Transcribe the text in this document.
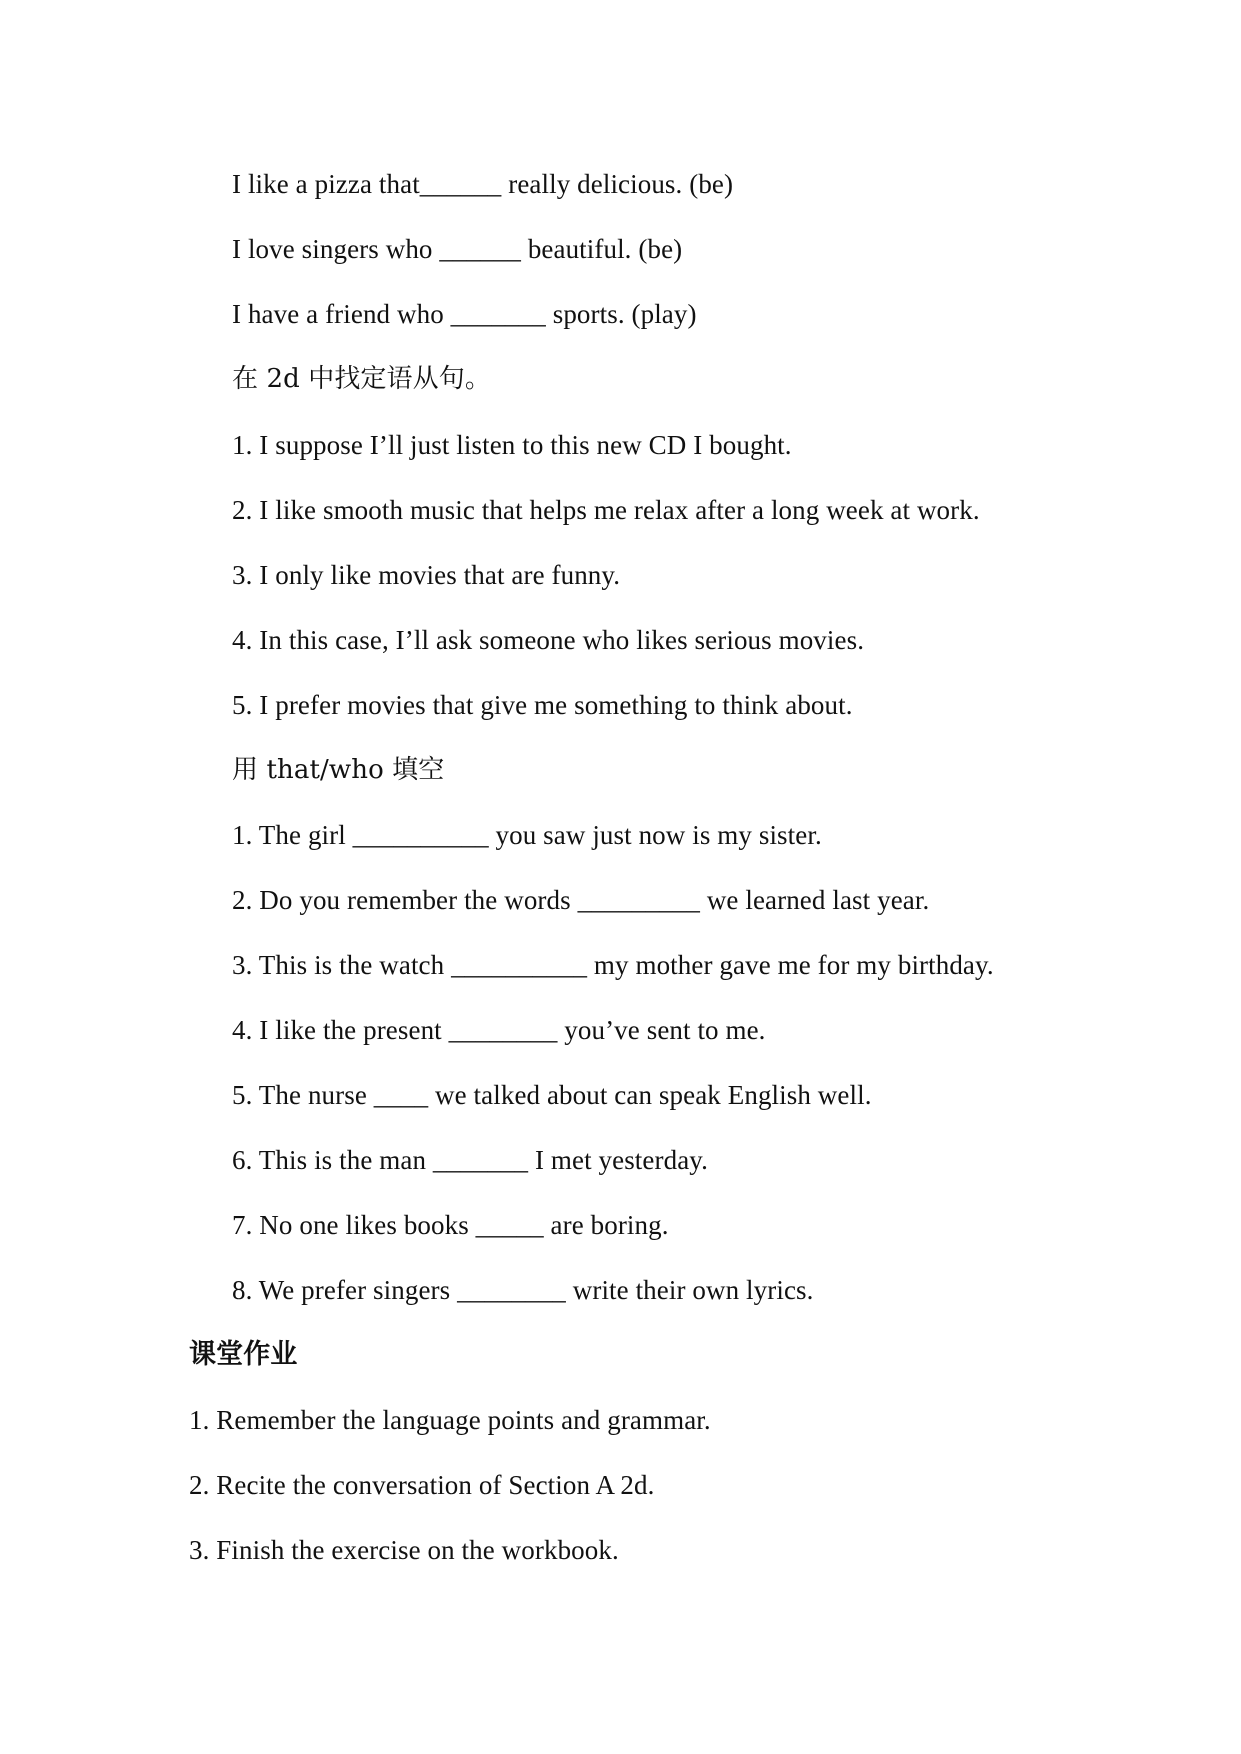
I like a pizza that______ really delicious. (be)
I love singers who ______ beautiful. (be)
I have a friend who _______ sports. (play)
在 2d 中找定语从句。
1. I suppose I’ll just listen to this new CD I bought.
2. I like smooth music that helps me relax after a long week at work.
3. I only like movies that are funny.
4. In this case, I’ll ask someone who likes serious movies.
5. I prefer movies that give me something to think about.
用 that/who 填空
1. The girl __________ you saw just now is my sister.
2. Do you remember the words _________ we learned last year.
3. This is the watch __________ my mother gave me for my birthday.
4. I like the present ________ you’ve sent to me.
5. The nurse ____ we talked about can speak English well.
6. This is the man _______ I met yesterday.
7. No one likes books _____ are boring.
8. We prefer singers ________ write their own lyrics.
课堂作业
1. Remember the language points and grammar.
2. Recite the conversation of Section A 2d.
3. Finish the exercise on the workbook.
